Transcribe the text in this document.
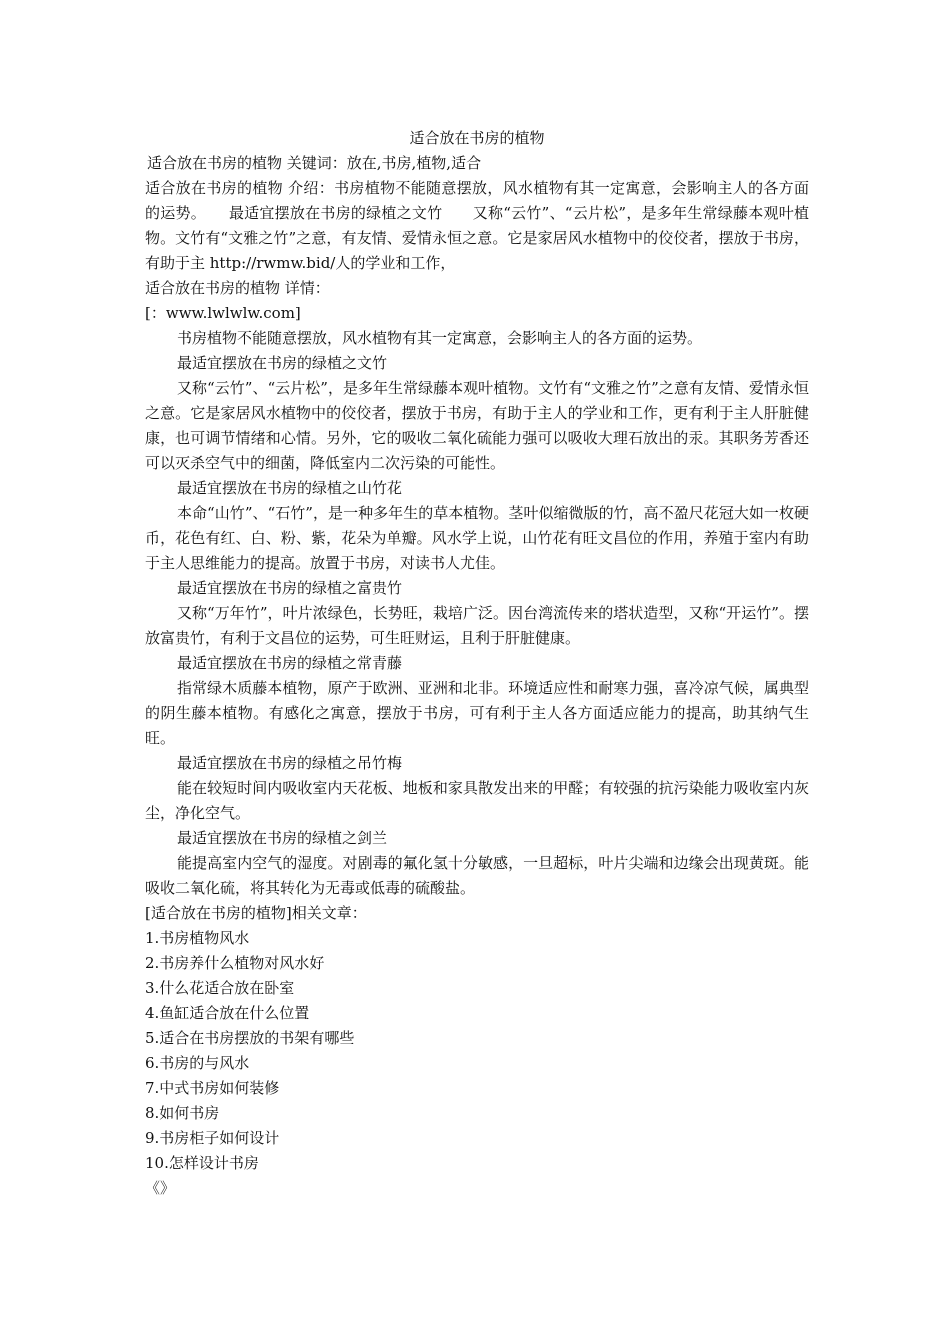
适合放在书房的植物
适合放在书房的植物 关键词：放在,书房,植物,适合

适合放在书房的植物 介绍：书房植物不能随意摆放，风水植物有其一定寓意，会影响主人的各方面的运势。　　最适宜摆放在书房的绿植之文竹　　又称“云竹”、“云片松”，是多年生常绿藤本观叶植物。文竹有“文雅之竹”之意，有友情、爱情永恒之意。它是家居风水植物中的佼佼者，摆放于书房，有助于主 http://rwmw.bid/人的学业和工作，

适合放在书房的植物 详情：
[：www.lwlwlw.com]

书房植物不能随意摆放，风水植物有其一定寓意，会影响主人的各方面的运势。

最适宜摆放在书房的绿植之文竹

又称“云竹”、“云片松”，是多年生常绿藤本观叶植物。文竹有“文雅之竹”之意有友情、爱情永恒之意。它是家居风水植物中的佼佼者，摆放于书房，有助于主人的学业和工作，更有利于主人肝脏健康，也可调节情绪和心情。另外，它的吸收二氧化硫能力强可以吸收大理石放出的汞。其职务芳香还可以灭杀空气中的细菌，降低室内二次污染的可能性。

最适宜摆放在书房的绿植之山竹花

本命“山竹”、“石竹”，是一种多年生的草本植物。茎叶似缩微版的竹，高不盈尺花冠大如一枚硬币，花色有红、白、粉、紫，花朵为单瓣。风水学上说，山竹花有旺文昌位的作用，养殖于室内有助于主人思维能力的提高。放置于书房，对读书人尤佳。

最适宜摆放在书房的绿植之富贵竹

又称“万年竹”，叶片浓绿色，长势旺，栽培广泛。因台湾流传来的塔状造型，又称“开运竹”。摆放富贵竹，有利于文昌位的运势，可生旺财运，且利于肝脏健康。

最适宜摆放在书房的绿植之常青藤

指常绿木质藤本植物，原产于欧洲、亚洲和北非。环境适应性和耐寒力强，喜冷凉气候，属典型的阴生藤本植物。有感化之寓意，摆放于书房，可有利于主人各方面适应能力的提高，助其纳气生旺。

最适宜摆放在书房的绿植之吊竹梅

能在较短时间内吸收室内天花板、地板和家具散发出来的甲醛；有较强的抗污染能力吸收室内灰尘，净化空气。

最适宜摆放在书房的绿植之剑兰

能提高室内空气的湿度。对剧毒的氟化氢十分敏感，一旦超标，叶片尖端和边缘会出现黄斑。能吸收二氧化硫，将其转化为无毒或低毒的硫酸盐。

[适合放在书房的植物]相关文章：
1.书房植物风水
2.书房养什么植物对风水好
3.什么花适合放在卧室
4.鱼缸适合放在什么位置
5.适合在书房摆放的书架有哪些
6.书房的与风水
7.中式书房如何装修
8.如何书房
9.书房柜子如何设计
10.怎样设计书房
《》
